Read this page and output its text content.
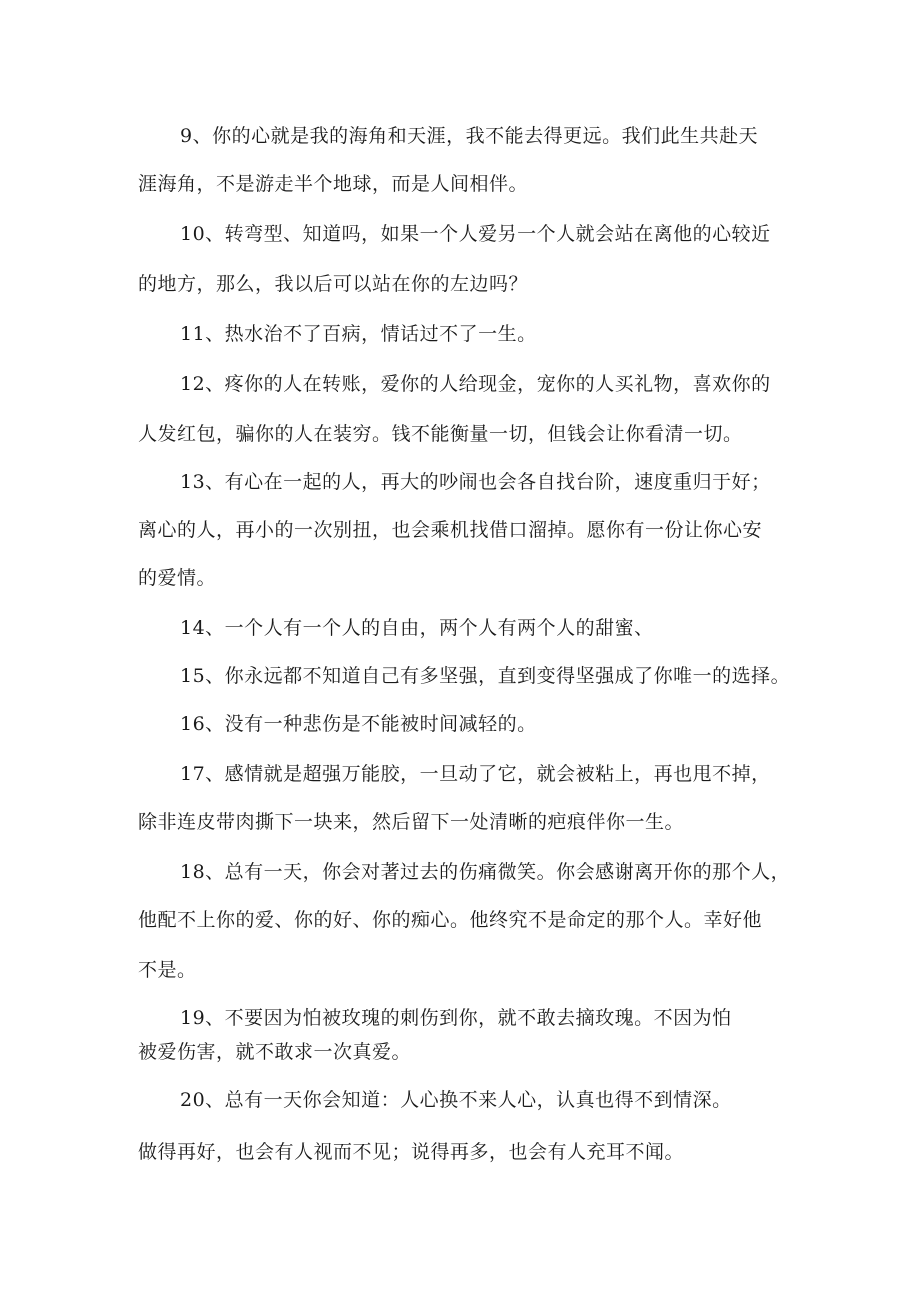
9、你的心就是我的海角和天涯，我不能去得更远。我们此生共赴天
涯海角，不是游走半个地球，而是人间相伴。
10、转弯型、知道吗，如果一个人爱另一个人就会站在离他的心较近
的地方，那么，我以后可以站在你的左边吗？
11、热水治不了百病，情话过不了一生。
12、疼你的人在转账，爱你的人给现金，宠你的人买礼物，喜欢你的
人发红包，骗你的人在装穷。钱不能衡量一切，但钱会让你看清一切。
13、有心在一起的人，再大的吵闹也会各自找台阶，速度重归于好；
离心的人，再小的一次别扭，也会乘机找借口溜掉。愿你有一份让你心安
的爱情。
14、一个人有一个人的自由，两个人有两个人的甜蜜、
15、你永远都不知道自己有多坚强，直到变得坚强成了你唯一的选择。
16、没有一种悲伤是不能被时间减轻的。
17、感情就是超强万能胶，一旦动了它，就会被粘上，再也甩不掉，
除非连皮带肉撕下一块来，然后留下一处清晰的疤痕伴你一生。
18、总有一天，你会对著过去的伤痛微笑。你会感谢离开你的那个人，
他配不上你的爱、你的好、你的痴心。他终究不是命定的那个人。幸好他
不是。
19、不要因为怕被玫瑰的刺伤到你，就不敢去摘玫瑰。不因为怕
被爱伤害，就不敢求一次真爱。
20、总有一天你会知道：人心换不来人心，认真也得不到情深。
做得再好，也会有人视而不见；说得再多，也会有人充耳不闻。
